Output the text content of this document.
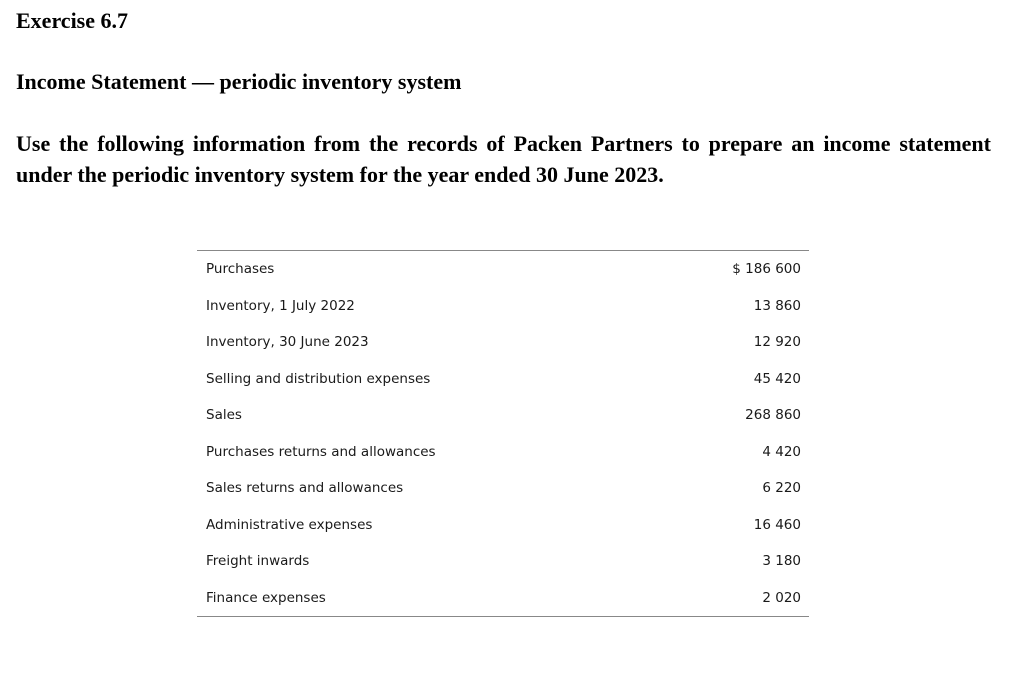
Exercise 6.7
Income Statement — periodic inventory system

Use the following information from the records of Packen Partners to prepare an income statement under the periodic inventory system for the year ended 30 June 2023.

Purchases	$ 186 600
Inventory, 1 July 2022	13 860
Inventory, 30 June 2023	12 920
Selling and distribution expenses	45 420
Sales	268 860
Purchases returns and allowances	4 420
Sales returns and allowances	6 220
Administrative expenses	16 460
Freight inwards	3 180
Finance expenses	2 020
